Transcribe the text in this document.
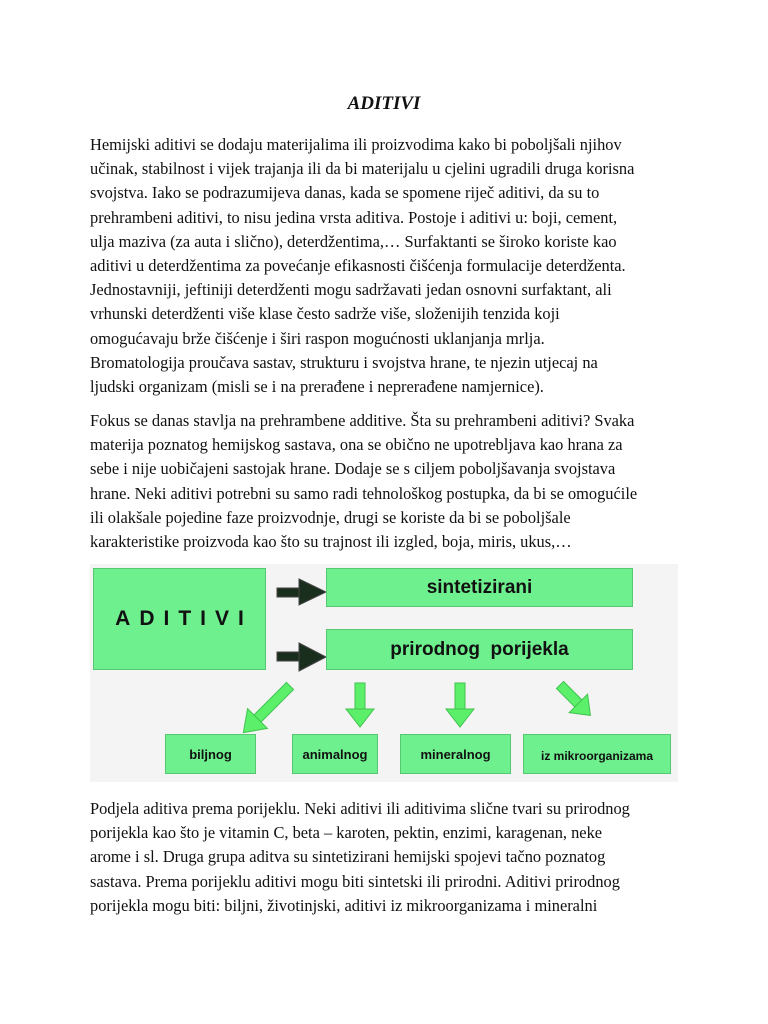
ADITIVI

Hemijski aditivi se dodaju materijalima ili proizvodima kako bi poboljšali njihov
učinak, stabilnost i vijek trajanja ili da bi materijalu u cjelini ugradili druga korisna
svojstva. Iako se podrazumijeva danas, kada se spomene riječ aditivi, da su to
prehrambeni aditivi, to nisu jedina vrsta aditiva. Postoje i aditivi u: boji, cement,
ulja maziva (za auta i slično), deterdžentima,… Surfaktanti se široko koriste kao
aditivi u deterdžentima za povećanje efikasnosti čišćenja formulacije deterdženta.
Jednostavniji, jeftiniji deterdženti mogu sadržavati jedan osnovni surfaktant, ali
vrhunski deterdženti više klase često sadrže više, složenijih tenzida koji
omogućavaju brže čišćenje i širi raspon mogućnosti uklanjanja mrlja.
Bromatologija proučava sastav, strukturu i svojstva hrane, te njezin utjecaj na
ljudski organizam (misli se i na prerađene i neprerađene namjernice).

Fokus se danas stavlja na prehrambene additive. Šta su prehrambeni aditivi? Svaka
materija poznatog hemijskog sastava, ona se obično ne upotrebljava kao hrana za
sebe i nije uobičajeni sastojak hrane. Dodaje se s ciljem poboljšavanja svojstava
hrane. Neki aditivi potrebni su samo radi tehnološkog postupka, da bi se omogućile
ili olakšale pojedine faze proizvodnje, drugi se koriste da bi se poboljšale
karakteristike proizvoda kao što su trajnost ili izgled, boja, miris, ukus,…

ADITIVI
sintetizirani
prirodnog  porijekla
biljnog	animalnog	mineralnog	iz mikroorganizama

Podjela aditiva prema porijeklu. Neki aditivi ili aditivima slične tvari su prirodnog
porijekla kao što je vitamin C, beta – karoten, pektin, enzimi, karagenan, neke
arome i sl. Druga grupa aditva su sintetizirani hemijski spojevi tačno poznatog
sastava. Prema porijeklu aditivi mogu biti sintetski ili prirodni. Aditivi prirodnog
porijekla mogu biti: biljni, životinjski, aditivi iz mikroorganizama i mineralni
